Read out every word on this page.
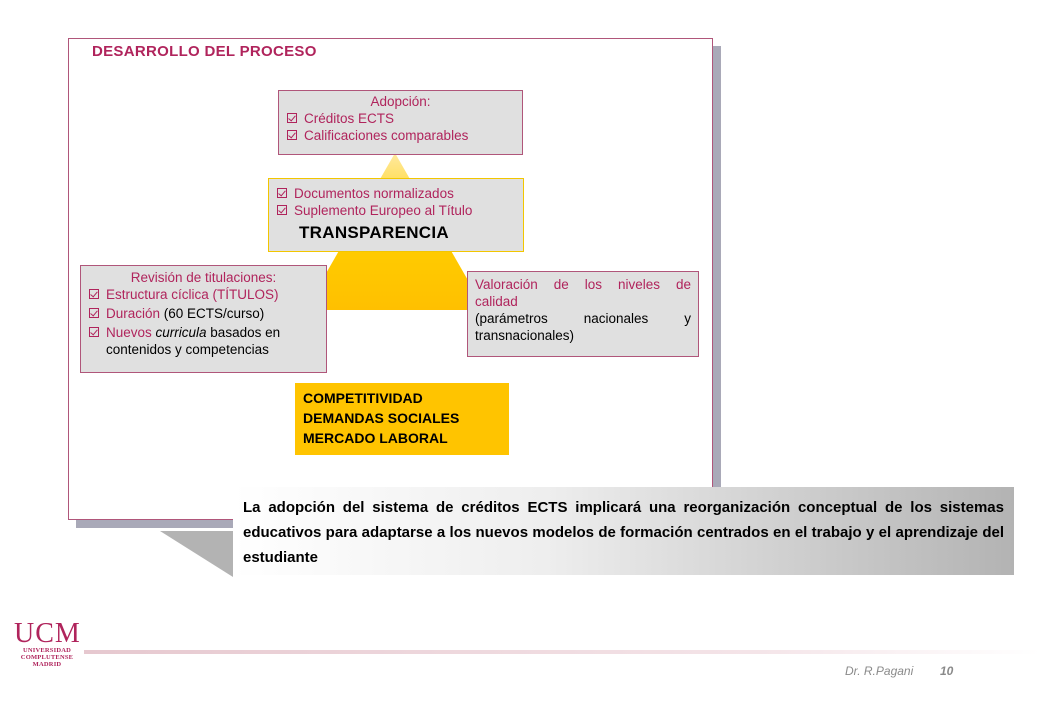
DESARROLLO DEL PROCESO
Adopción:
Créditos ECTS
Calificaciones comparables
Documentos normalizados
Suplemento Europeo al Título
TRANSPARENCIA
Revisión de titulaciones:
Estructura cíclica (TÍTULOS)
Duración (60 ECTS/curso)
Nuevos curricula basados en
contenidos y competencias
Valoración de los niveles de
calidad
(parámetros nacionales y
transnacionales)
COMPETITIVIDAD
DEMANDAS SOCIALES
MERCADO LABORAL
La adopción del sistema de créditos ECTS implicará una reorganización conceptual de los sistemas educativos para adaptarse a los nuevos modelos de formación centrados en el trabajo y el aprendizaje del estudiante
UCM
UNIVERSIDAD
COMPLUTENSE
MADRID	Dr. R.Pagani 10
